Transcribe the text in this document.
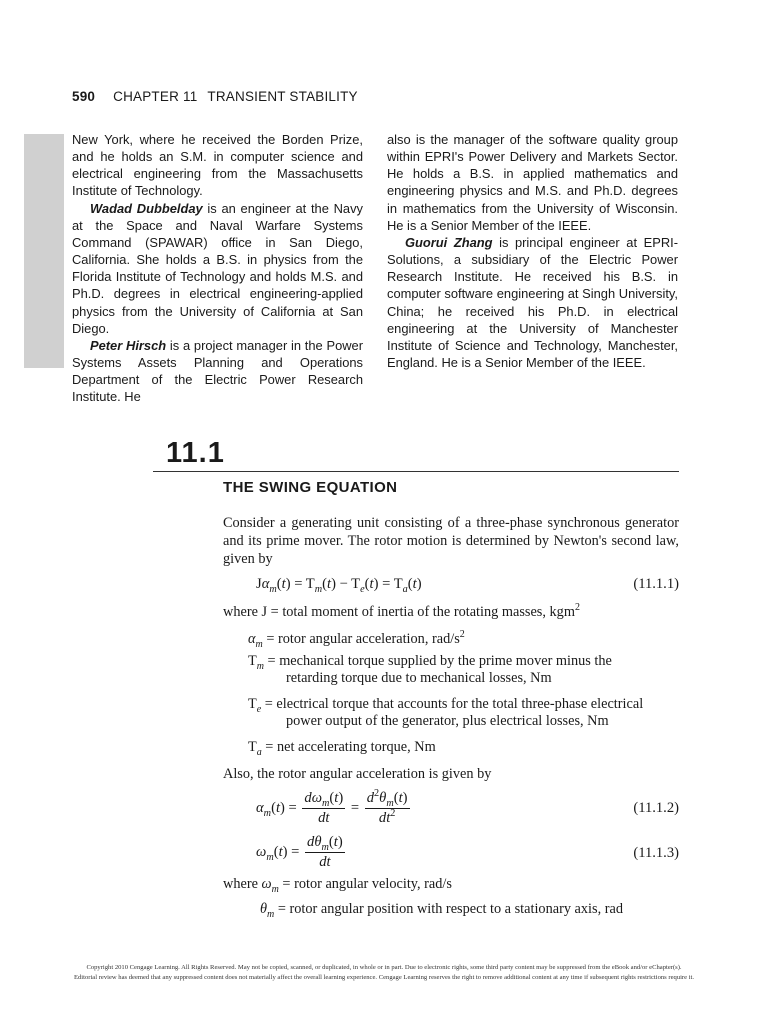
590 CHAPTER 11 TRANSIENT STABILITY

New York, where he received the Borden Prize, and he holds an S.M. in computer science and electrical engineering from the Massachusetts Institute of Technology.

Wadad Dubbelday is an engineer at the Navy at the Space and Naval Warfare Systems Command (SPAWAR) office in San Diego, California. She holds a B.S. in physics from the Florida Institute of Technology and holds M.S. and Ph.D. degrees in electrical engineering-applied physics from the University of California at San Diego.

Peter Hirsch is a project manager in the Power Systems Assets Planning and Operations Department of the Electric Power Research Institute. He

also is the manager of the software quality group within EPRI's Power Delivery and Markets Sector. He holds a B.S. in applied mathematics and engineering physics and M.S. and Ph.D. degrees in mathematics from the University of Wisconsin. He is a Senior Member of the IEEE.

Guorui Zhang is principal engineer at EPRI-Solutions, a subsidiary of the Electric Power Research Institute. He received his B.S. in computer software engineering at Singh University, China; he received his Ph.D. in electrical engineering at the University of Manchester Institute of Science and Technology, Manchester, England. He is a Senior Member of the IEEE.

11.1
THE SWING EQUATION
Consider a generating unit consisting of a three-phase synchronous generator and its prime mover. The rotor motion is determined by Newton's second law, given by
$J\alpha_m(t) = T_m(t) - T_e(t) = T_a(t)$	(11.1.1)
where J = total moment of inertia of the rotating masses, kgm$^2$
$\alpha_m$ = rotor angular acceleration, rad/$s^2$
$T_m$ = mechanical torque supplied by the prime mover minus the
retarding torque due to mechanical losses, Nm
$T_e$ = electrical torque that accounts for the total three-phase electrical
power output of the generator, plus electrical losses, Nm
$T_a$ = net accelerating torque, Nm
Also, the rotor angular acceleration is given by
$\alpha_m(t) = \frac{d\omega_m(t)}{dt} = \frac{d^2\theta_m(t)}{dt^2}$	(11.1.2)
$\omega_m(t) = \frac{d\theta_m(t)}{dt}$	(11.1.3)
where $\omega_m$ = rotor angular velocity, rad/s
$\theta_m$ = rotor angular position with respect to a stationary axis, rad
Copyright 2010 Cengage Learning. All Rights Reserved. May not be copied, scanned, or duplicated, in whole or in part. Due to electronic rights, some third party content may be suppressed from the eBook and/or eChapter(s).
Editorial review has deemed that any suppressed content does not materially affect the overall learning experience. Cengage Learning reserves the right to remove additional content at any time if subsequent rights restrictions require it.
